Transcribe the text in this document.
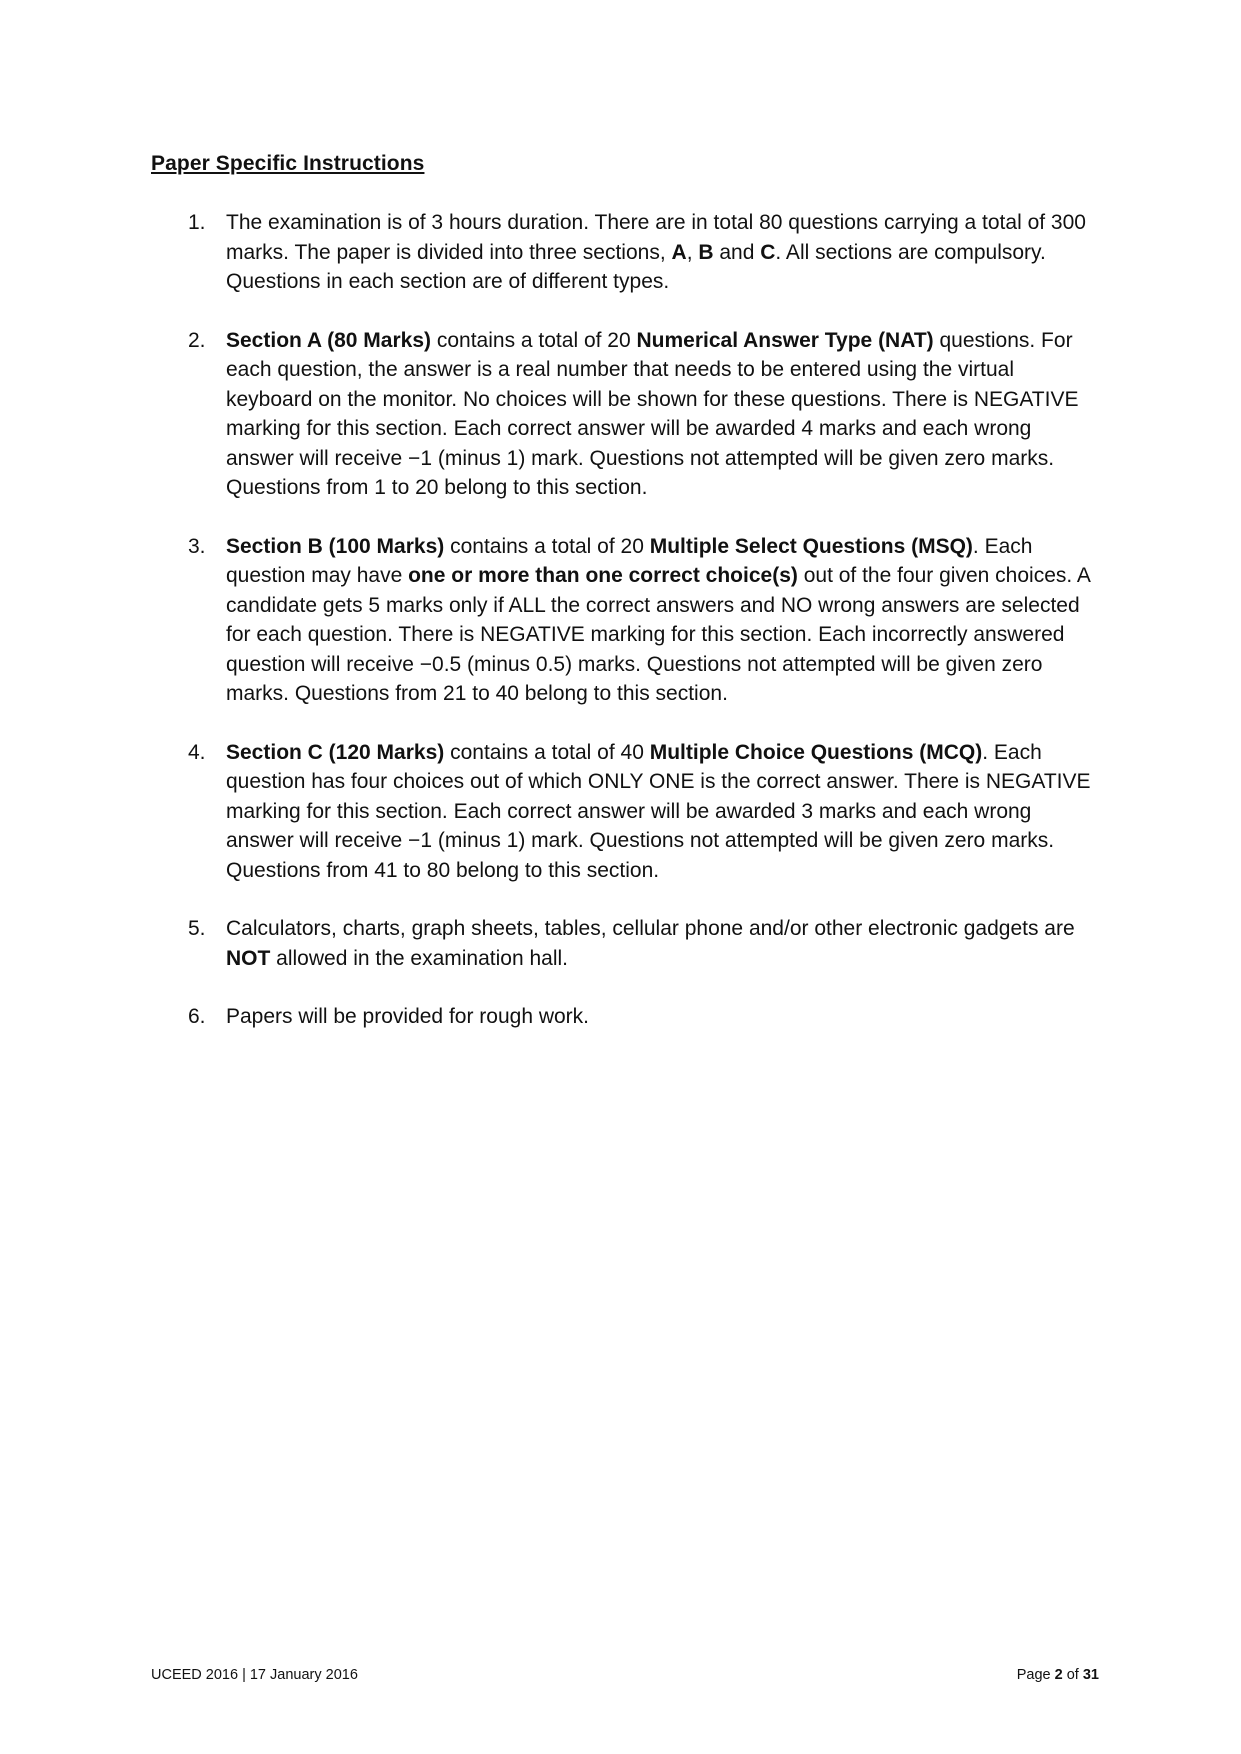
Paper Specific Instructions
1. The examination is of 3 hours duration. There are in total 80 questions carrying a total of 300 marks. The paper is divided into three sections, A, B and C. All sections are compulsory. Questions in each section are of different types.
2. Section A (80 Marks) contains a total of 20 Numerical Answer Type (NAT) questions. For each question, the answer is a real number that needs to be entered using the virtual keyboard on the monitor. No choices will be shown for these questions. There is NEGATIVE marking for this section. Each correct answer will be awarded 4 marks and each wrong answer will receive −1 (minus 1) mark. Questions not attempted will be given zero marks. Questions from 1 to 20 belong to this section.
3. Section B (100 Marks) contains a total of 20 Multiple Select Questions (MSQ). Each question may have one or more than one correct choice(s) out of the four given choices. A candidate gets 5 marks only if ALL the correct answers and NO wrong answers are selected for each question. There is NEGATIVE marking for this section. Each incorrectly answered question will receive −0.5 (minus 0.5) marks. Questions not attempted will be given zero marks. Questions from 21 to 40 belong to this section.
4. Section C (120 Marks) contains a total of 40 Multiple Choice Questions (MCQ). Each question has four choices out of which ONLY ONE is the correct answer. There is NEGATIVE marking for this section. Each correct answer will be awarded 3 marks and each wrong answer will receive −1 (minus 1) mark. Questions not attempted will be given zero marks. Questions from 41 to 80 belong to this section.
5. Calculators, charts, graph sheets, tables, cellular phone and/or other electronic gadgets are NOT allowed in the examination hall.
6. Papers will be provided for rough work.
UCEED 2016 | 17 January 2016	Page 2 of 31
